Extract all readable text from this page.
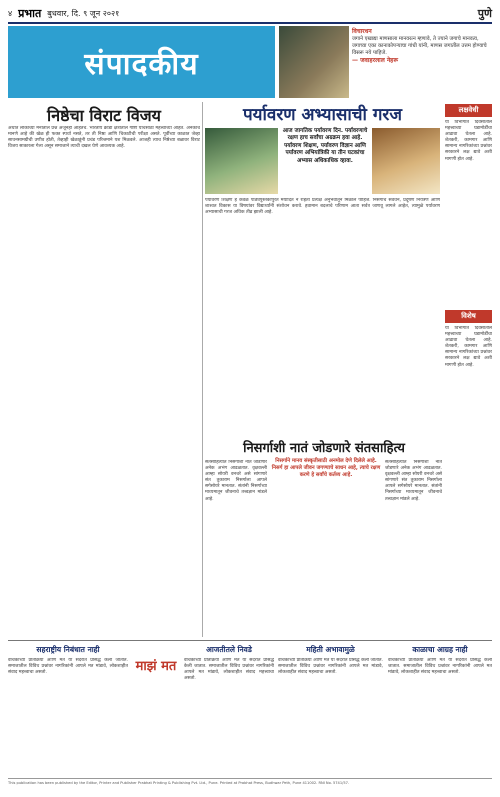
४ प्रभात बुधवार, दि. ९ जून २०२१	पुणे
संपादकीय
विचारधन
जगाने एखाद्या माणसाला मानवरत्न म्हणावे, ते ज्याने जगाचे मानवत्व, जगाच्या एका कानाकोपऱ्याचा गांधी यांनी, माणस जगातील उत्तम होण्याचे विसरू नये पाहिजे.
— जवाहरलाल नेहरू
निष्ठेचा विराट विजय
अर्थात लोकांच्या मनातील प्रश्न अजूनही आहेतच. भारतीय क्रीडा क्षेत्रातील गोष्टी याचसाठी महत्त्वाच्या आहेत. अनेकांचे मानणे आहे की खेळ ही फक्त स्पर्धा नसते, तर ती निष्ठा आणि चिकाटीची परीक्षा असते. पूर्वीच्या काळात जेव्हा साधनसामग्रीची उणीव होती, तेव्हाही खेळाडूंनी प्रचंड परिश्रमाने यश मिळवले. आजही त्याच निष्ठेच्या बळावर विराट विजय साकारला गेला असून समाजाने त्याची दखल घेणे आवश्यक आहे.
पर्यावरण अभ्यासाची गरज
आज जागतिक पर्यावरण दिन. पर्यावरणाचे रक्षण हाच सर्वांचा अग्रक्रम हवा आहे. पर्यावरण शिक्षण, पर्यावरण विज्ञान आणि पर्यावरण अभियांत्रिकी या तीन घटकांचा अभ्यास अधिकाधिक व्हावा.
पर्यावरण शिक्षण हे केवळ पाठ्यपुस्तकापुरते मर्यादित न राहता प्रत्यक्ष अनुभवातून मिळाले पाहिजे. निसर्गाचे संवर्धन, प्रदूषण नियंत्रण आणि शाश्वत विकास या विषयांवर विद्यार्थ्यांनी संशोधन करावे. हवामान बदलाचे परिणाम आता सर्वत्र जाणवू लागले आहेत, त्यामुळे पर्यावरण अभ्यासाची गरज अधिक तीव्र झाली आहे.
निसर्गाशी नातं जोडणारे संतसाहित्य
निसर्गाने मानव संस्कृतीसाठी अनमोल देणे दिलेले आहे. निसर्ग हा आपले जीवन जगण्याचे साधन आहे, त्याचे रक्षण करणे हे सर्वांचे कर्तव्य आहे.
संतसाहित्यात निसर्गाशी नाते जोडणारे अनेक अभंग आढळतात. वृक्षवल्ली आम्हा सोयरी वनचरे असे सांगणारे संत तुकाराम निसर्गाला आपले सगेसोयरे मानतात. संतांनी निसर्गाच्या माध्यमातून जीवनाचे तत्त्वज्ञान मांडले आहे.
संतसाहित्यात निसर्गाशी नाते जोडणारे अनेक अभंग आढळतात. वृक्षवल्ली आम्हा सोयरी वनचरे असे सांगणारे संत तुकाराम निसर्गाला आपले सगेसोयरे मानतात. संतांनी निसर्गाच्या माध्यमातून जीवनाचे तत्त्वज्ञान मांडले आहे.
लक्षवेधी
या विभागात दिवसातील महत्त्वाच्या घडामोडींचा आढावा घेतला आहे. शेतकरी, कामगार आणि सामान्य नागरिकांच्या प्रश्नांवर सरकारने लक्ष द्यावे अशी मागणी होत आहे.
विशेष
या विभागात दिवसातील महत्त्वाच्या घडामोडींचा आढावा घेतला आहे. शेतकरी, कामगार आणि सामान्य नागरिकांच्या प्रश्नांवर सरकारने लक्ष द्यावे अशी मागणी होत आहे.
सहराष्ट्रीय निबंधात नाही
माझं मत
आजतीतले निवडे	महिती अभावामुळे	काळाचा आग्रह नाही
वाचकांच्या प्रतिक्रिया आणि मते या सदरात प्रसिद्ध केली जातात. समाजातील विविध प्रश्नांवर नागरिकांनी आपले मत मांडावे, लोकशाहीत संवाद महत्त्वाचा असतो.
वाचकांच्या प्रतिक्रिया आणि मते या सदरात प्रसिद्ध केली जातात. समाजातील विविध प्रश्नांवर नागरिकांनी आपले मत मांडावे, लोकशाहीत संवाद महत्त्वाचा असतो.
वाचकांच्या प्रतिक्रिया आणि मते या सदरात प्रसिद्ध केली जातात. समाजातील विविध प्रश्नांवर नागरिकांनी आपले मत मांडावे, लोकशाहीत संवाद महत्त्वाचा असतो.
वाचकांच्या प्रतिक्रिया आणि मते या सदरात प्रसिद्ध केली जातात. समाजातील विविध प्रश्नांवर नागरिकांनी आपले मत मांडावे, लोकशाहीत संवाद महत्त्वाचा असतो.
This publication has been published by the Editor, Printer and Publisher Prabhat Printing & Publishing Pvt. Ltd., Pune. Printed at Prabhat Press, Budhwar Peth, Pune 411002. RNI No. 5741/57.
